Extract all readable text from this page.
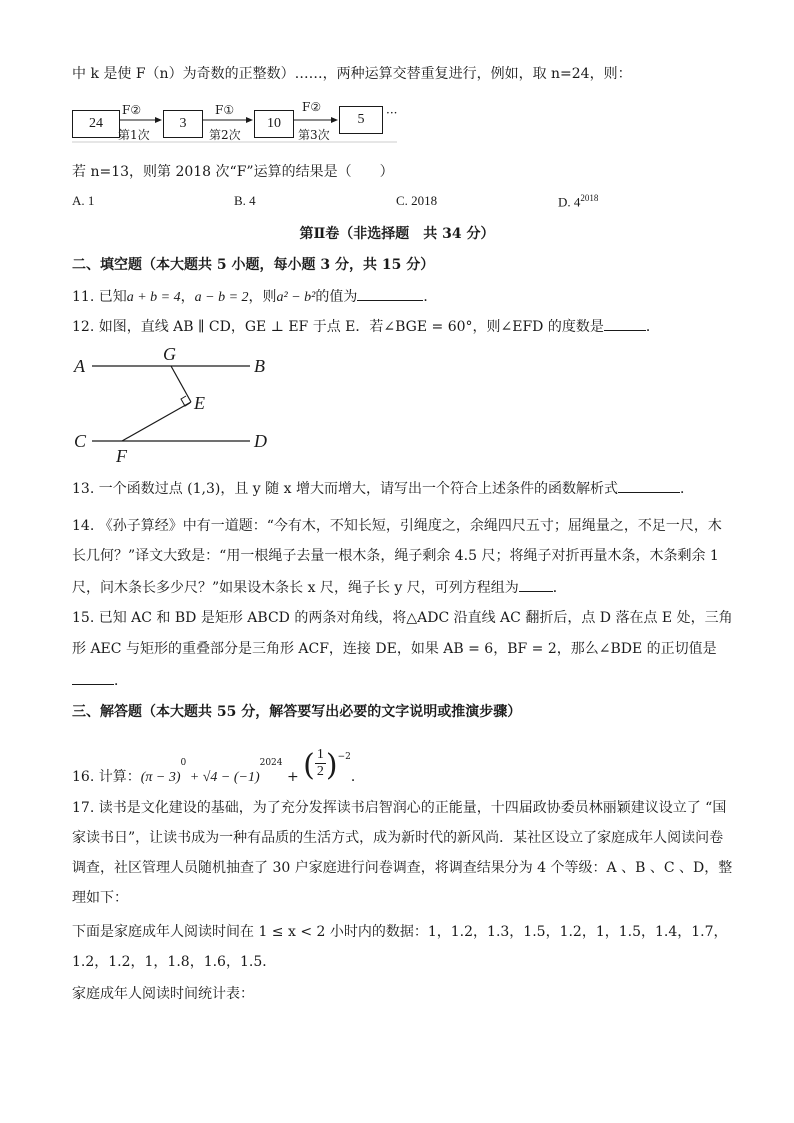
中 k 是使 F（n）为奇数的正整数）……，两种运算交替重复进行，例如，取 n=24，则：
24	3	10	5
F②	F①	F②
第1次	第2次	第3次
···
若 n=13，则第 2018 次“F”运算的结果是（　　）
A. 1	B. 4	C. 2018	D. $4^{2018}$
第Ⅱ卷（非选择题　共 34 分）
二、填空题（本大题共 5 小题，每小题 3 分，共 15 分）
11. 已知a + b = 4，a − b = 2，则a² − b²的值为	．
12. 如图，直线 AB ∥ CD，GE ⊥ EF 于点 E．若∠BGE = 60°，则∠EFD 的度数是	．
A
G
B
E
C	D
F
13. 一个函数过点 (1,3)，且 y 随 x 增大而增大，请写出一个符合上述条件的函数解析式	．
14. 《孙子算经》中有一道题：“今有木，不知长短，引绳度之，余绳四尺五寸；屈绳量之，不足一尺，木
长几何？”译文大致是：“用一根绳子去量一根木条，绳子剩余 4.5 尺；将绳子对折再量木条，木条剩余 1
尺，问木条长多少尺？”如果设木条长 x 尺，绳子长 y 尺，可列方程组为 ．
15. 已知 AC 和 BD 是矩形 ABCD 的两条对角线，将△ADC 沿直线 AC 翻折后，点 D 落在点 E 处，三角
形 AEC 与矩形的重叠部分是三角形 ACF，连接 DE，如果 AB = 6，BF = 2，那么∠BDE 的正切值是
．
三、解答题（本大题共 55 分，解答要写出必要的文字说明或推演步骤）
16. 计算：$(\pi - 3)^0 + √4 - (-1)^{2024}$ + ( $\frac{1}{2} )^{-2}$．
17. 读书是文化建设的基础，为了充分发挥读书启智润心的正能量，十四届政协委员林丽颖建议设立了 “国
家读书日”，让读书成为一种有品质的生活方式，成为新时代的新风尚．某社区设立了家庭成年人阅读问卷
调查，社区管理人员随机抽查了 30 户家庭进行问卷调查，将调查结果分为 4 个等级：A 、B 、C 、D，整
理如下：
下面是家庭成年人阅读时间在 1 ≤ x < 2 小时内的数据：1，1.2，1.3，1.5，1.2，1，1.5，1.4，1.7，
1.2，1.2，1，1.8，1.6，1.5．
家庭成年人阅读时间统计表：
